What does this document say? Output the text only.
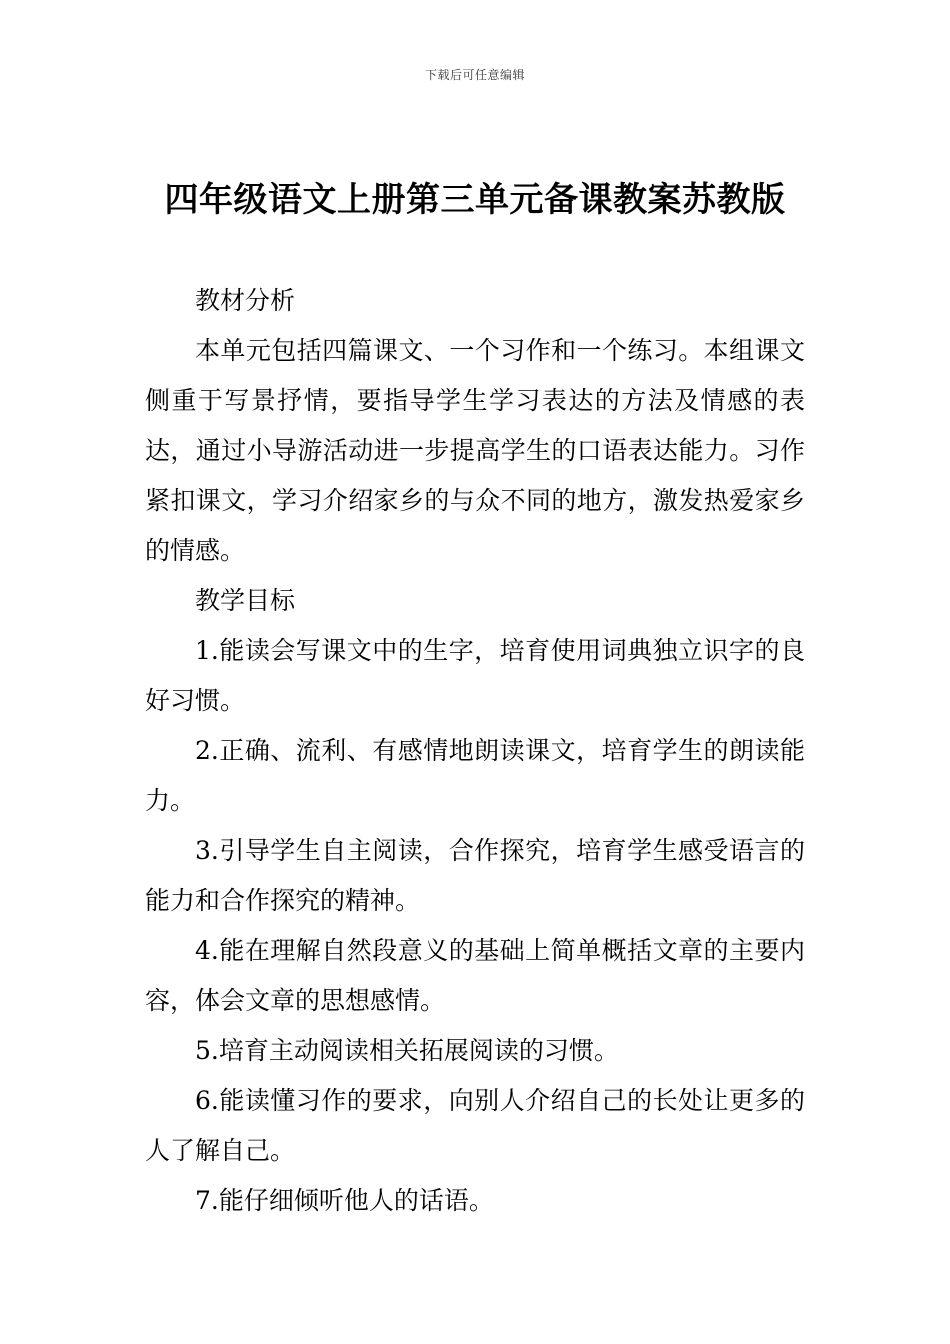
下载后可任意编辑
四年级语文上册第三单元备课教案苏教版

教材分析

本单元包括四篇课文、一个习作和一个练习。本组课文侧重于写景抒情，要指导学生学习表达的方法及情感的表达，通过小导游活动进一步提高学生的口语表达能力。习作紧扣课文，学习介绍家乡的与众不同的地方，激发热爱家乡的情感。

教学目标

1.能读会写课文中的生字，培育使用词典独立识字的良好习惯。

2.正确、流利、有感情地朗读课文，培育学生的朗读能力。

3.引导学生自主阅读，合作探究，培育学生感受语言的能力和合作探究的精神。

4.能在理解自然段意义的基础上简单概括文章的主要内容，体会文章的思想感情。

5.培育主动阅读相关拓展阅读的习惯。

6.能读懂习作的要求，向别人介绍自己的长处让更多的人了解自己。

7.能仔细倾听他人的话语。
